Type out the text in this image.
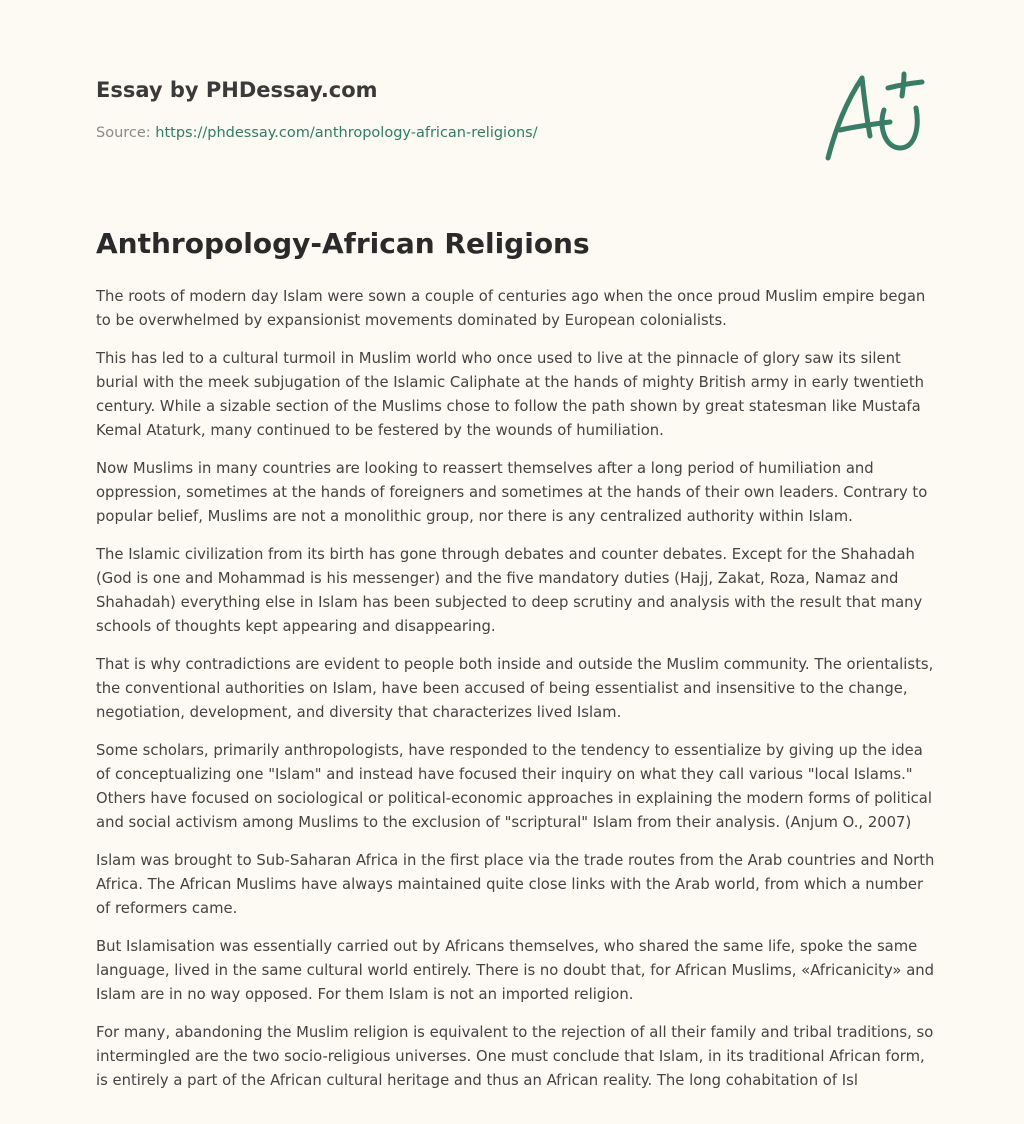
Essay by PHDessay.com
Source: https://phdessay.com/anthropology-african-religions/
Anthropology-African Religions

The roots of modern day Islam were sown a couple of centuries ago when the once proud Muslim empire began to be overwhelmed by expansionist movements dominated by European colonialists.

This has led to a cultural turmoil in Muslim world who once used to live at the pinnacle of glory saw its silent burial with the meek subjugation of the Islamic Caliphate at the hands of mighty British army in early twentieth century. While a sizable section of the Muslims chose to follow the path shown by great statesman like Mustafa Kemal Ataturk, many continued to be festered by the wounds of humiliation.

Now Muslims in many countries are looking to reassert themselves after a long period of humiliation and oppression, sometimes at the hands of foreigners and sometimes at the hands of their own leaders. Contrary to popular belief, Muslims are not a monolithic group, nor there is any centralized authority within Islam.

The Islamic civilization from its birth has gone through debates and counter debates. Except for the Shahadah (God is one and Mohammad is his messenger) and the five mandatory duties (Hajj, Zakat, Roza, Namaz and Shahadah) everything else in Islam has been subjected to deep scrutiny and analysis with the result that many schools of thoughts kept appearing and disappearing.

That is why contradictions are evident to people both inside and outside the Muslim community. The orientalists, the conventional authorities on Islam, have been accused of being essentialist and insensitive to the change, negotiation, development, and diversity that characterizes lived Islam.

Some scholars, primarily anthropologists, have responded to the tendency to essentialize by giving up the idea of conceptualizing one "Islam" and instead have focused their inquiry on what they call various "local Islams." Others have focused on sociological or political-economic approaches in explaining the modern forms of political and social activism among Muslims to the exclusion of "scriptural" Islam from their analysis. (Anjum O., 2007)

Islam was brought to Sub-Saharan Africa in the first place via the trade routes from the Arab countries and North Africa. The African Muslims have always maintained quite close links with the Arab world, from which a number of reformers came.

But Islamisation was essentially carried out by Africans themselves, who shared the same life, spoke the same language, lived in the same cultural world entirely. There is no doubt that, for African Muslims, «Africanicity» and Islam are in no way opposed. For them Islam is not an imported religion.

For many, abandoning the Muslim religion is equivalent to the rejection of all their family and tribal traditions, so intermingled are the two socio-religious universes. One must conclude that Islam, in its traditional African form, is entirely a part of the African cultural heritage and thus an African reality. The long cohabitation of Isl
